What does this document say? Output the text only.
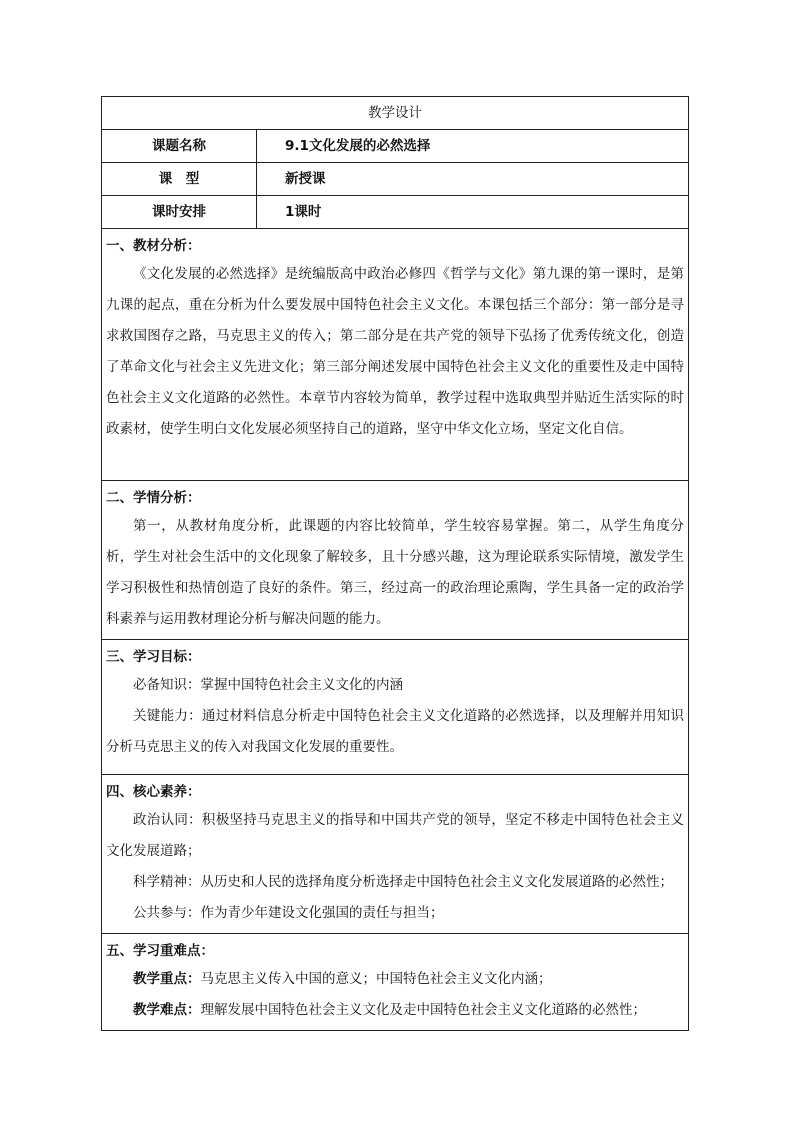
教学设计	
课题名称	9.1文化发展的必然选择
课　型	新授课
课时安排	1课时

一、教材分析：

《文化发展的必然选择》是统编版高中政治必修四《哲学与文化》第九课的第一课时，是第九课的起点，重在分析为什么要发展中国特色社会主义文化。本课包括三个部分：第一部分是寻求救国图存之路，马克思主义的传入；第二部分是在共产党的领导下弘扬了优秀传统文化，创造了革命文化与社会主义先进文化；第三部分阐述发展中国特色社会主义文化的重要性及走中国特色社会主义文化道路的必然性。本章节内容较为简单，教学过程中选取典型并贴近生活实际的时政素材，使学生明白文化发展必须坚持自己的道路，坚守中华文化立场，坚定文化自信。	

二、学情分析：

第一，从教材角度分析，此课题的内容比较简单，学生较容易掌握。第二，从学生角度分析，学生对社会生活中的文化现象了解较多，且十分感兴趣，这为理论联系实际情境，激发学生学习积极性和热情创造了良好的条件。第三，经过高一的政治理论熏陶，学生具备一定的政治学科素养与运用教材理论分析与解决问题的能力。	

三、学习目标：

必备知识：掌握中国特色社会主义文化的内涵

关键能力：通过材料信息分析走中国特色社会主义文化道路的必然选择，以及理解并用知识分析马克思主义的传入对我国文化发展的重要性。	

四、核心素养：

政治认同：积极坚持马克思主义的指导和中国共产党的领导，坚定不移走中国特色社会主义文化发展道路；

科学精神：从历史和人民的选择角度分析选择走中国特色社会主义文化发展道路的必然性；

公共参与：作为青少年建设文化强国的责任与担当；	

五、学习重难点：

教学重点：马克思主义传入中国的意义；中国特色社会主义文化内涵；

教学难点：理解发展中国特色社会主义文化及走中国特色社会主义文化道路的必然性；	
